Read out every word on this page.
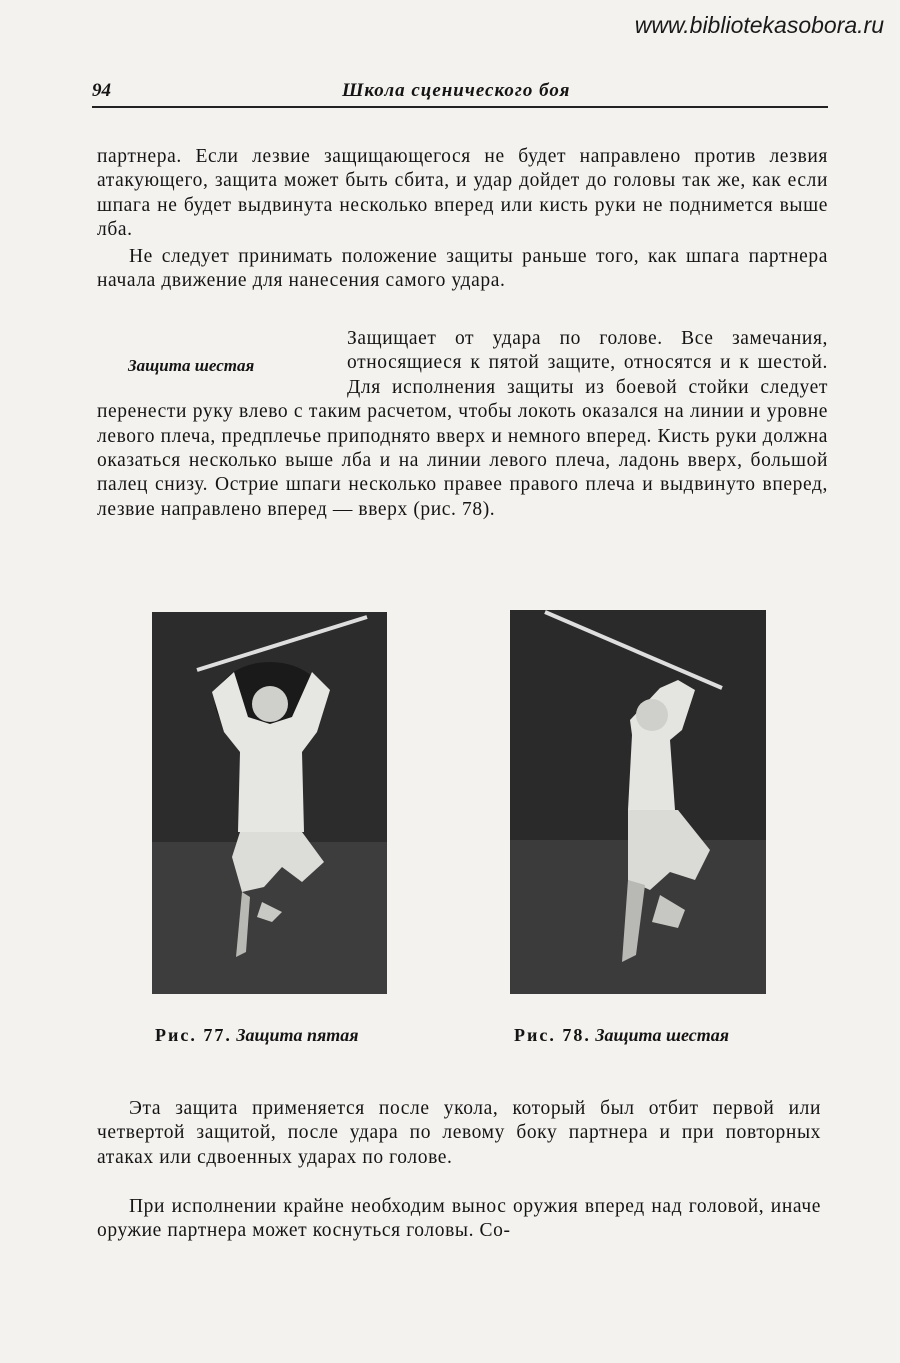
www.bibliotekasobora.ru
94	Школа сценического боя

партнера. Если лезвие защищающегося не будет направлено против лезвия атакующего, защита может быть сбита, и удар дойдет до головы так же, как если шпага не будет выдвинута несколько вперед или кисть руки не поднимется выше лба.

Не следует принимать положение защиты раньше того, как шпага партнера начала движение для нанесения самого удара.

Защита шестая
Защищает от удара по голове. Все замечания, относящиеся к пятой защите, относятся и к шестой. Для исполнения защиты из боевой стойки следует перенести руку влево с таким расчетом, чтобы локоть оказался на линии и уровне левого плеча, предплечье приподнято вверх и немного вперед. Кисть руки должна оказаться несколько выше лба и на линии левого плеча, ладонь вверх, большой палец снизу. Острие шпаги несколько правее правого плеча и выдвинуто вперед, лезвие направлено вперед — вверх (рис. 78).
Рис. 77. Защита пятая	Рис. 78. Защита шестая

Эта защита применяется после укола, который был отбит первой или четвертой защитой, после удара по левому боку партнера и при повторных атаках или сдвоенных ударах по голове.

При исполнении крайне необходим вынос оружия вперед над головой, иначе оружие партнера может коснуться головы. Со-
